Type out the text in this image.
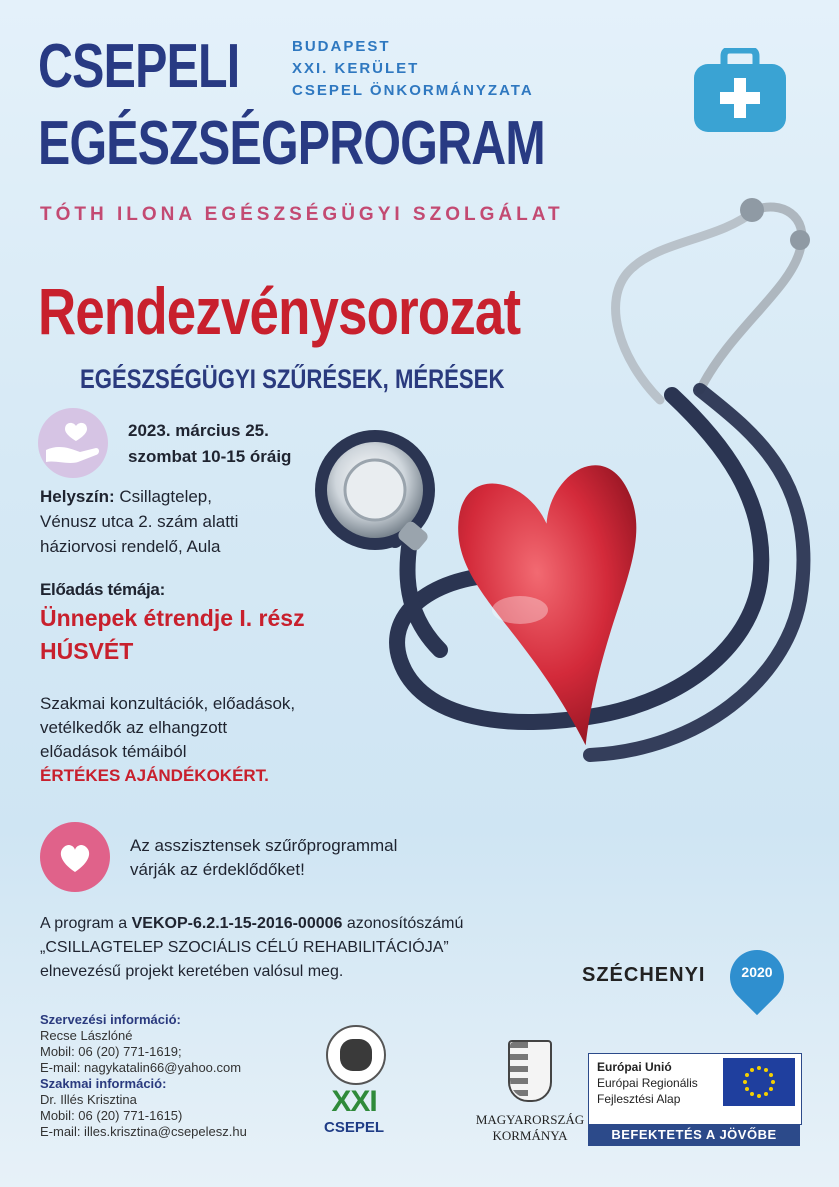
CSEPELI
EGÉSZSÉGPROGRAM
BUDAPEST
XXI. KERÜLET
CSEPEL ÖNKORMÁNYZATA
TÓTH ILONA EGÉSZSÉGÜGYI SZOLGÁLAT
Rendezvénysorozat
EGÉSZSÉGÜGYI SZŰRÉSEK, MÉRÉSEK
2023. március 25.
szombat 10-15 óráig
Helyszín: Csillagtelep,
Vénusz utca 2. szám alatti
háziorvosi rendelő, Aula
Előadás témája:
Ünnepek étrendje I. rész
HÚSVÉT
Szakmai konzultációk, előadások,
vetélkedők az elhangzott
előadások témáiból
ÉRTÉKES AJÁNDÉKOKÉRT.
Az asszisztensek szűrőprogrammal
várják az érdeklődőket!
A program a VEKOP-6.2.1-15-2016-00006 azonosítószámú
„CSILLAGTELEP SZOCIÁLIS CÉLÚ REHABILITÁCIÓJA”
elnevezésű projekt keretében valósul meg.	SZÉCHENYI	2020
Szervezési információ:
Recse Lászlóné
Mobil: 06 (20) 771-1619;
E-mail: nagykatalin66@yahoo.com
Szakmai információ:
Dr. Illés Krisztina
Mobil: 06 (20) 771-1615)
E-mail: illes.krisztina@csepelesz.hu
XXI
CSEPEL	MAGYARORSZÁG
KORMÁNYA
Európai Unió
Európai Regionális
Fejlesztési Alap
BEFEKTETÉS A JÖVŐBE
